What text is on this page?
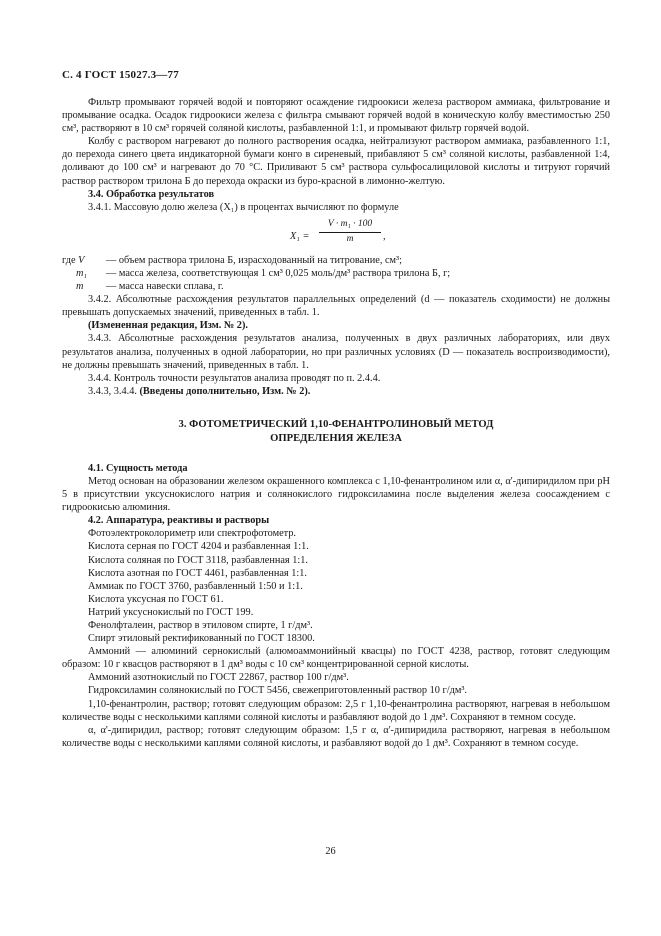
С. 4 ГОСТ 15027.3—77

Фильтр промывают горячей водой и повторяют осаждение гидроокиси железа раствором аммиака, фильтрование и промывание осадка. Осадок гидроокиси железа с фильтра смывают горячей водой в коническую колбу вместимостью 250 см³, растворяют в 10 см³ горячей соляной кислоты, разбавленной 1:1, и промывают фильтр горячей водой.

Колбу с раствором нагревают до полного растворения осадка, нейтрализуют раствором аммиака, разбавленного 1:1, до перехода синего цвета индикаторной бумаги конго в сиреневый, прибавляют 5 см³ соляной кислоты, разбавленной 1:4, доливают до 100 см³ и нагревают до 70 °С. Приливают 5 см³ раствора сульфосалициловой кислоты и титруют горячий раствор раствором трилона Б до перехода окраски из буро-красной в лимонно-желтую.

3.4. Обработка результатов

3.4.1. Массовую долю железа (X₁) в процентах вычисляют по формуле

X₁ =
V · m₁ · 100
m	,

где V	— объем раствора трилона Б, израсходованный на титрование, см³;

m₁	— масса железа, соответствующая 1 см³ 0,025 моль/дм³ раствора трилона Б, г;

m	— масса навески сплава, г.

3.4.2. Абсолютные расхождения результатов параллельных определений (d — показатель сходимости) не должны превышать допускаемых значений, приведенных в табл. 1.

(Измененная редакция, Изм. № 2).

3.4.3. Абсолютные расхождения результатов анализа, полученных в двух различных лабораториях, или двух результатов анализа, полученных в одной лаборатории, но при различных условиях (D — показатель воспроизводимости), не должны превышать значений, приведенных в табл. 1.

3.4.4. Контроль точности результатов анализа проводят по п. 2.4.4.

3.4.3, 3.4.4. (Введены дополнительно, Изм. № 2).

3. ФОТОМЕТРИЧЕСКИЙ 1,10-ФЕНАНТРОЛИНОВЫЙ МЕТОД
ОПРЕДЕЛЕНИЯ ЖЕЛЕЗА

4.1. Сущность метода

Метод основан на образовании железом окрашенного комплекса с 1,10-фенантролином или α, α'-дипиридилом при рН 5 в присутствии уксуснокислого натрия и солянокислого гидроксиламина после выделения железа соосаждением с гидроокисью алюминия.

4.2. Аппаратура, реактивы и растворы

Фотоэлектроколориметр или спектрофотометр.

Кислота серная по ГОСТ 4204 и разбавленная 1:1.

Кислота соляная по ГОСТ 3118, разбавленная 1:1.

Кислота азотная по ГОСТ 4461, разбавленная 1:1.

Аммиак по ГОСТ 3760, разбавленный 1:50 и 1:1.

Кислота уксусная по ГОСТ 61.

Натрий уксуснокислый по ГОСТ 199.

Фенолфталеин, раствор в этиловом спирте, 1 г/дм³.

Спирт этиловый ректификованный по ГОСТ 18300.

Аммоний — алюминий сернокислый (алюмоаммонийный квасцы) по ГОСТ 4238, раствор, готовят следующим образом: 10 г квасцов растворяют в 1 дм³ воды с 10 см³ концентрированной серной кислоты.

Аммоний азотнокислый по ГОСТ 22867, раствор 100 г/дм³.

Гидроксиламин солянокислый по ГОСТ 5456, свежеприготовленный раствор 10 г/дм³.

1,10-фенантролин, раствор; готовят следующим образом: 2,5 г 1,10-фенантролина растворяют, нагревая в небольшом количестве воды с несколькими каплями соляной кислоты и разбавляют водой до 1 дм³. Сохраняют в темном сосуде.

α, α'-дипиридил, раствор; готовят следующим образом: 1,5 г α, α'-дипиридила растворяют, нагревая в небольшом количестве воды с несколькими каплями соляной кислоты, и разбавляют водой до 1 дм³. Сохраняют в темном сосуде.

26
